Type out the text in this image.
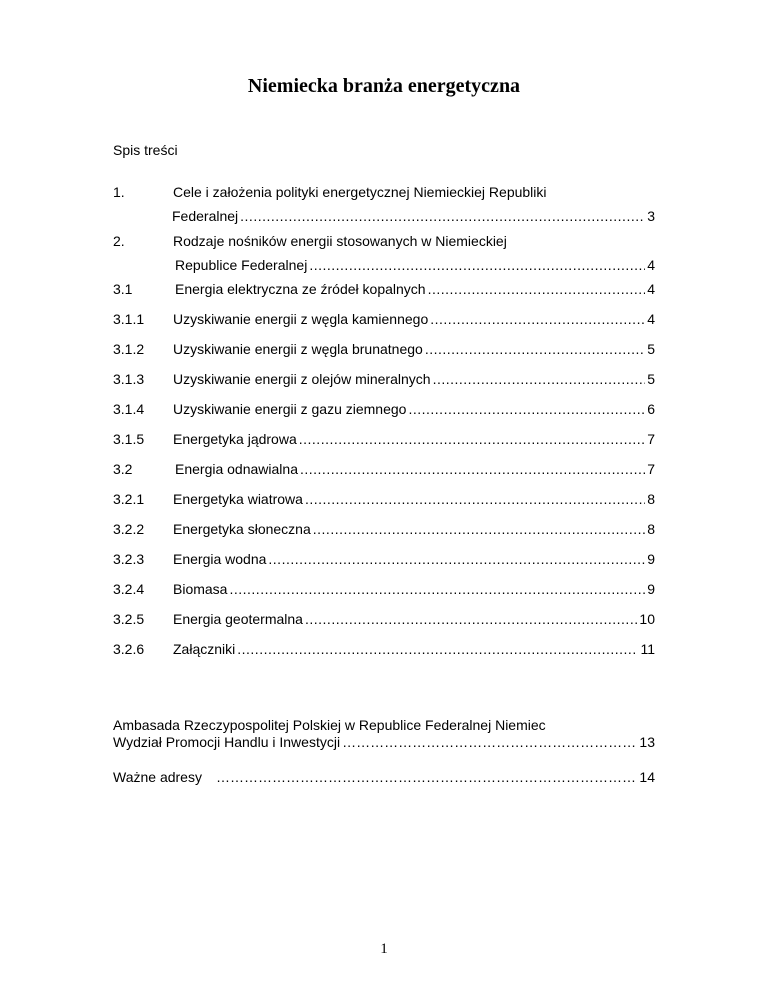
Niemiecka branża energetyczna
Spis treści
1.	Cele i założenia polityki energetycznej Niemieckiej Republiki
Federalnej .....	3
2.	Rodzaje nośników energii stosowanych w Niemieckiej
Republice Federalnej .....	4
3.1	Energia elektryczna ze źródeł kopalnych .....	4
3.1.1 Uzyskiwanie energii z węgla kamiennego .....	4
3.1.2 Uzyskiwanie energii z węgla brunatnego .....	5
3.1.3 Uzyskiwanie energii z olejów mineralnych .....	5
3.1.4 Uzyskiwanie energii z gazu ziemnego .....	6
3.1.5 Energetyka jądrowa .....	7
3.2	Energia odnawialna .....	7
3.2.1 Energetyka wiatrowa .....	8
3.2.2 Energetyka słoneczna .....	8
3.2.3 Energia wodna .....	9
3.2.4 Biomasa .....	9
3.2.5 Energia geotermalna .....	10
3.2.6 Załączniki .....	11
Ambasada Rzeczypospolitej Polskiej w Republice Federalnej Niemiec
Wydział Promocji Handlu i Inwestycji ……………………………………………………………………………………………………………………………………………………………………………………………	13
Ważne adresy ……………………………………………………………………………………………………………………………………………………………………………………………	14
1
